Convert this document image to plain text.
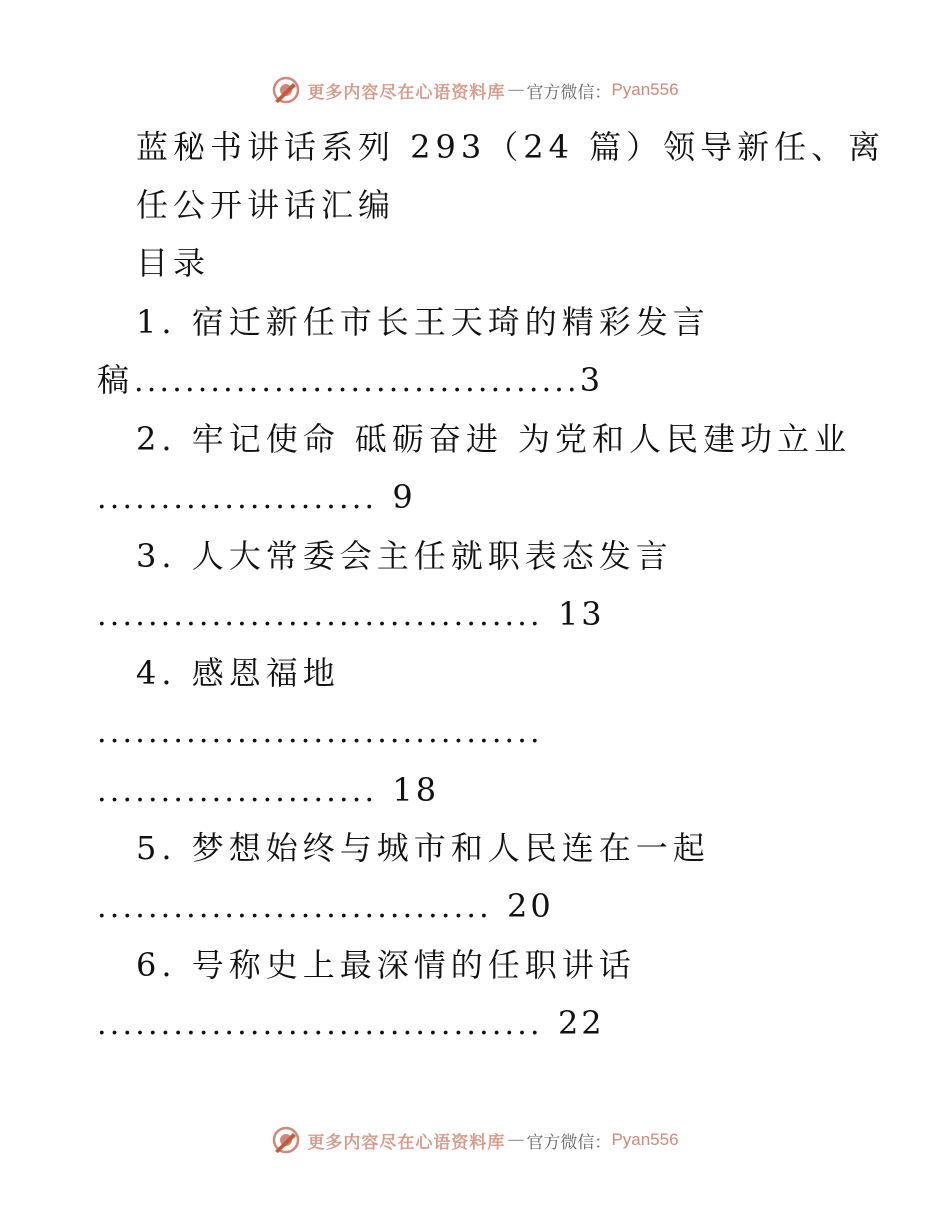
更多内容尽在心语资料库 — 官方微信： Pyan556
蓝秘书讲话系列 293（24 篇）领导新任、离
任公开讲话汇编
目录
1. 宿迁新任市长王天琦的精彩发言
稿...................................3
2. 牢记使命 砥砺奋进 为党和人民建功立业
...................... 9
3. 人大常委会主任就职表态发言
................................... 13
4. 感恩福地
...................................
...................... 18
5. 梦想始终与城市和人民连在一起
............................... 20
6. 号称史上最深情的任职讲话
................................... 22
更多内容尽在心语资料库 — 官方微信： Pyan556
